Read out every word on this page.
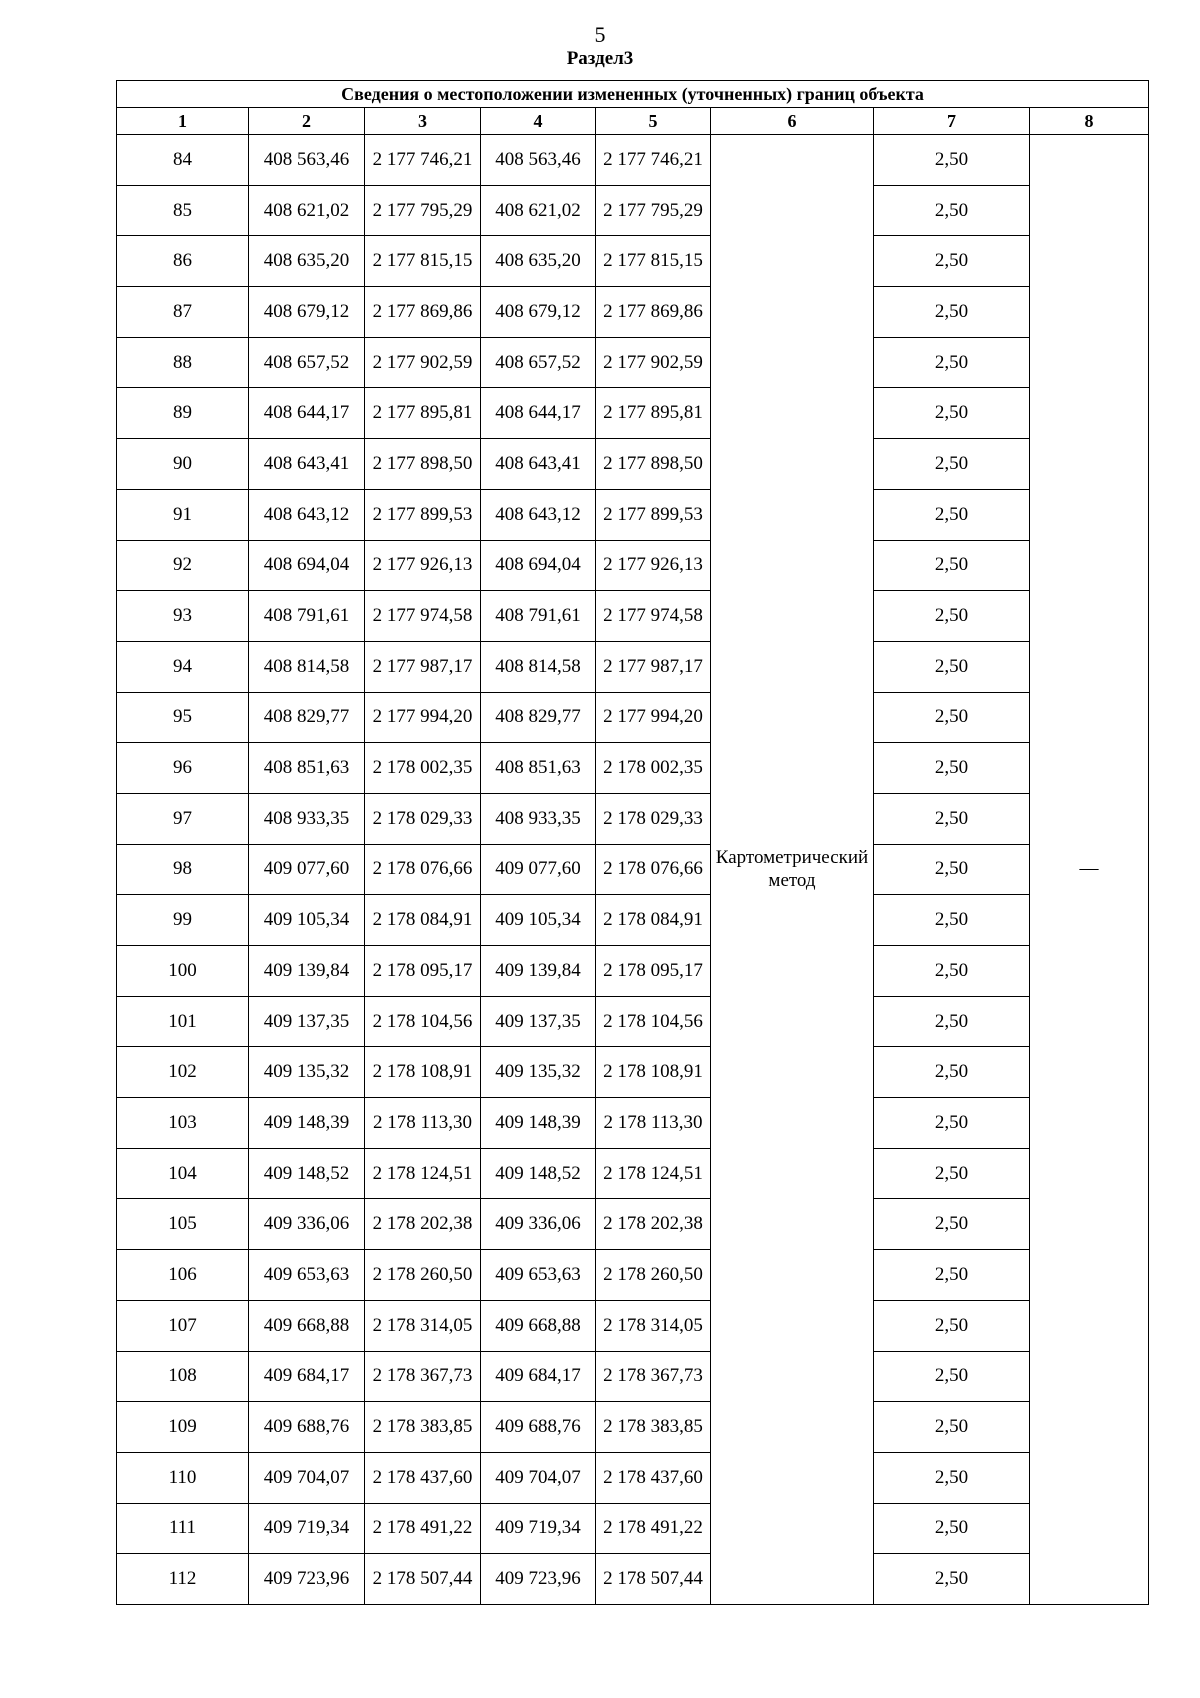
5
Раздел3
Сведения о местоположении измененных (уточненных) границ объекта							
1	2	3	4	5	6	7	8
84	408 563,46	2 177 746,21	408 563,46	2 177 746,21	Картометрический метод	2,50	—
85	408 621,02	2 177 795,29	408 621,02	2 177 795,29		2,50	
86	408 635,20	2 177 815,15	408 635,20	2 177 815,15		2,50	
87	408 679,12	2 177 869,86	408 679,12	2 177 869,86		2,50	
88	408 657,52	2 177 902,59	408 657,52	2 177 902,59		2,50	
89	408 644,17	2 177 895,81	408 644,17	2 177 895,81		2,50	
90	408 643,41	2 177 898,50	408 643,41	2 177 898,50		2,50	
91	408 643,12	2 177 899,53	408 643,12	2 177 899,53		2,50	
92	408 694,04	2 177 926,13	408 694,04	2 177 926,13		2,50	
93	408 791,61	2 177 974,58	408 791,61	2 177 974,58		2,50	
94	408 814,58	2 177 987,17	408 814,58	2 177 987,17		2,50	
95	408 829,77	2 177 994,20	408 829,77	2 177 994,20		2,50	
96	408 851,63	2 178 002,35	408 851,63	2 178 002,35		2,50	
97	408 933,35	2 178 029,33	408 933,35	2 178 029,33		2,50	
98	409 077,60	2 178 076,66	409 077,60	2 178 076,66		2,50	
99	409 105,34	2 178 084,91	409 105,34	2 178 084,91		2,50	
100	409 139,84	2 178 095,17	409 139,84	2 178 095,17		2,50	
101	409 137,35	2 178 104,56	409 137,35	2 178 104,56		2,50	
102	409 135,32	2 178 108,91	409 135,32	2 178 108,91		2,50	
103	409 148,39	2 178 113,30	409 148,39	2 178 113,30		2,50	
104	409 148,52	2 178 124,51	409 148,52	2 178 124,51		2,50	
105	409 336,06	2 178 202,38	409 336,06	2 178 202,38		2,50	
106	409 653,63	2 178 260,50	409 653,63	2 178 260,50		2,50	
107	409 668,88	2 178 314,05	409 668,88	2 178 314,05		2,50	
108	409 684,17	2 178 367,73	409 684,17	2 178 367,73		2,50	
109	409 688,76	2 178 383,85	409 688,76	2 178 383,85		2,50	
110	409 704,07	2 178 437,60	409 704,07	2 178 437,60		2,50	
111	409 719,34	2 178 491,22	409 719,34	2 178 491,22		2,50	
112	409 723,96	2 178 507,44	409 723,96	2 178 507,44		2,50	
